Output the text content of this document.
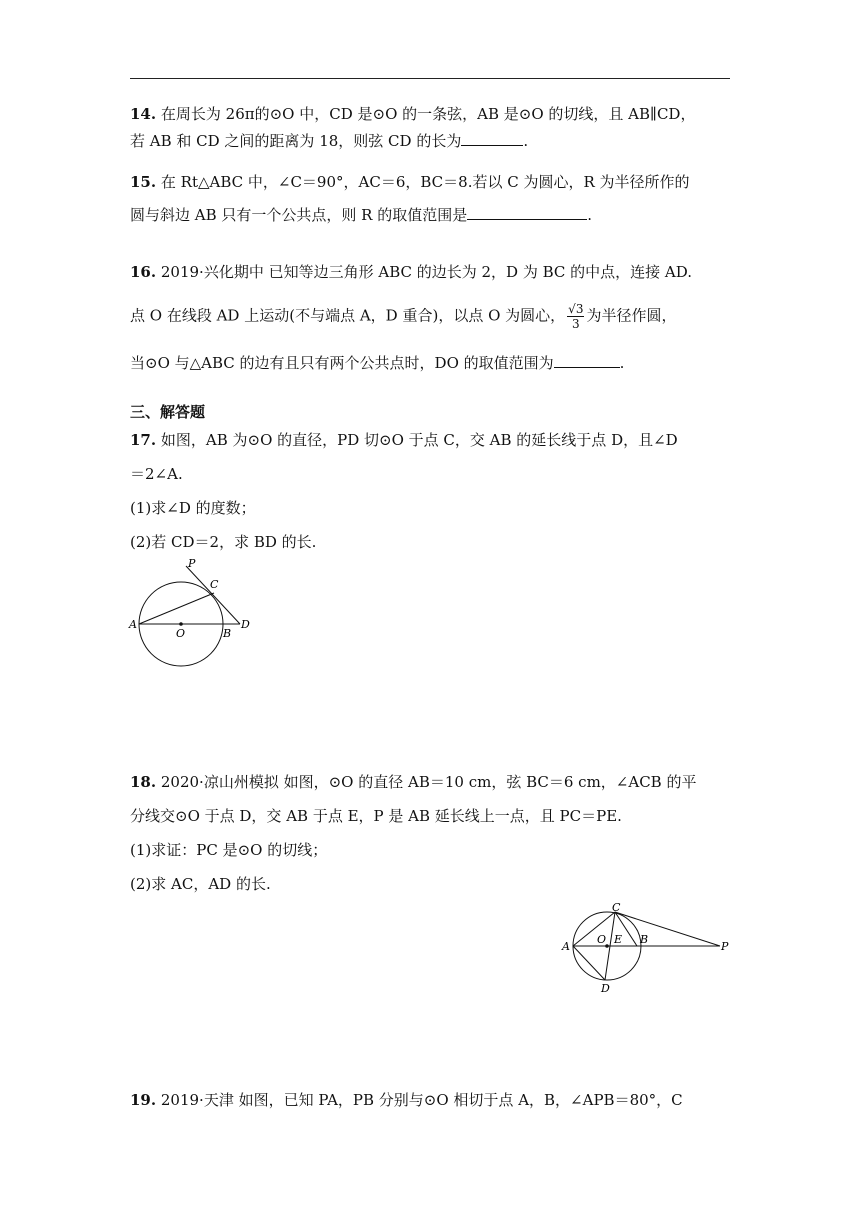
14. 在周长为 26π的⊙O 中，CD 是⊙O 的一条弦，AB 是⊙O 的切线，且 AB∥CD，
若 AB 和 CD 之间的距离为 18，则弦 CD 的长为	.
15. 在 Rt△ABC 中，∠C＝90°，AC＝6，BC＝8.若以 C 为圆心，R 为半径所作的
圆与斜边 AB 只有一个公共点，则 R 的取值范围是	.
16. 2019·兴化期中 已知等边三角形 ABC 的边长为 2，D 为 BC 的中点，连接 AD.
点 O 在线段 AD 上运动(不与端点 A，D 重合)，以点 O 为圆心， $\frac{√3}{3}$ 为半径作圆，
当⊙O 与△ABC 的边有且只有两个公共点时，DO 的取值范围为	.
三、解答题
17. 如图，AB 为⊙O 的直径，PD 切⊙O 于点 C，交 AB 的延长线于点 D，且∠D
＝2∠A.
(1)求∠D 的度数；
(2)若 CD＝2，求 BD 的长.
P
C
A
O	B
D
18. 2020·凉山州模拟 如图，⊙O 的直径 AB＝10 cm，弦 BC＝6 cm，∠ACB 的平
分线交⊙O 于点 D，交 AB 于点 E，P 是 AB 延长线上一点，且 PC＝PE.
(1)求证：PC 是⊙O 的切线；
(2)求 AC，AD 的长.
C
A
O E B
P
D
19. 2019·天津 如图，已知 PA，PB 分别与⊙O 相切于点 A，B，∠APB＝80°，C
